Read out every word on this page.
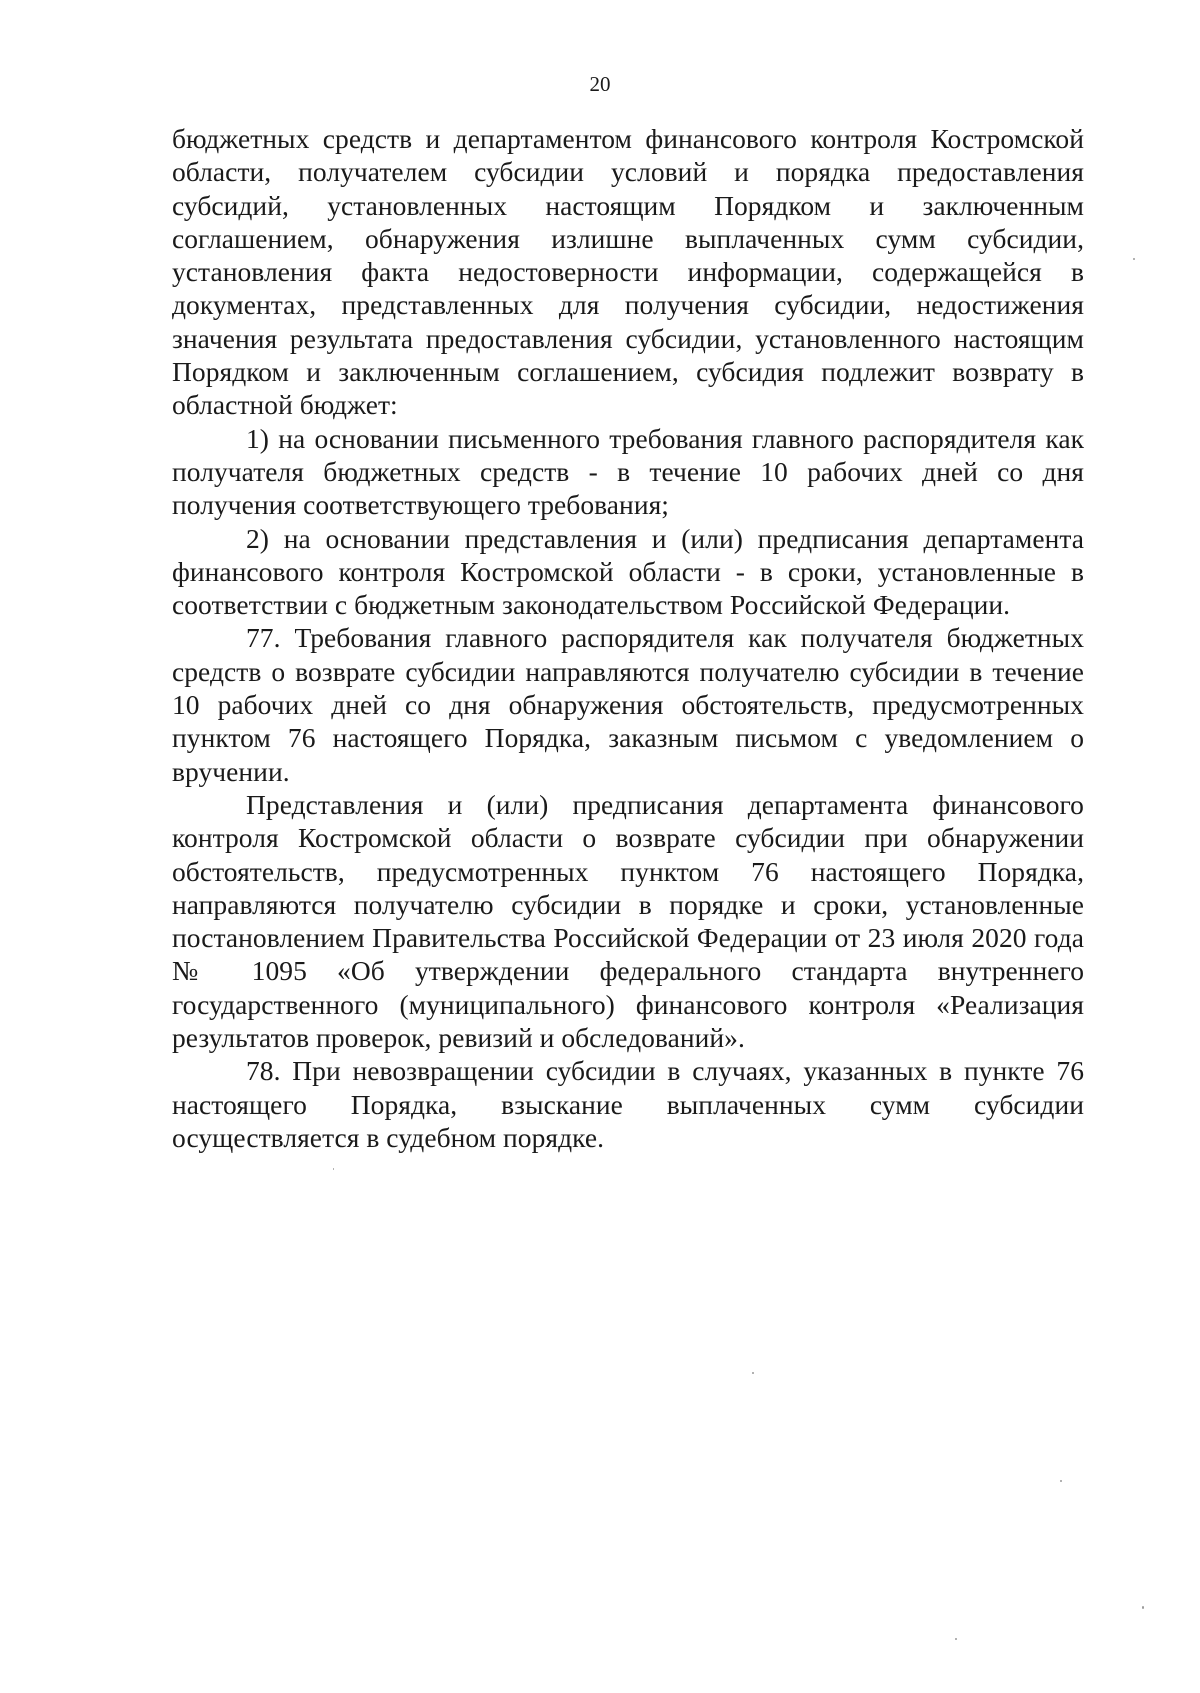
20

бюджетных средств и департаментом финансового контроля Костромской области, получателем субсидии условий и порядка предоставления субсидий, установленных настоящим Порядком и заключенным соглашением, обнаружения излишне выплаченных сумм субсидии, установления факта недостоверности информации, содержащейся в документах, представленных для получения субсидии, недостижения значения результата предоставления субсидии, установленного настоящим Порядком и заключенным соглашением, субсидия подлежит возврату в областной бюджет:

1) на основании письменного требования главного распорядителя как получателя бюджетных средств - в течение 10 рабочих дней со дня получения соответствующего требования;

2) на основании представления и (или) предписания департамента финансового контроля Костромской области - в сроки, установленные в соответствии с бюджетным законодательством Российской Федерации.

77. Требования главного распорядителя как получателя бюджетных средств о возврате субсидии направляются получателю субсидии в течение 10 рабочих дней со дня обнаружения обстоятельств, предусмотренных пунктом 76 настоящего Порядка, заказным письмом с уведомлением о вручении.

Представления и (или) предписания департамента финансового контроля Костромской области о возврате субсидии при обнаружении обстоятельств, предусмотренных пунктом 76 настоящего Порядка, направляются получателю субсидии в порядке и сроки, установленные постановлением Правительства Российской Федерации от 23 июля 2020 года № 1095 «Об утверждении федерального стандарта внутреннего государственного (муниципального) финансового контроля «Реализация результатов проверок, ревизий и обследований».

78. При невозвращении субсидии в случаях, указанных в пункте 76 настоящего Порядка, взыскание выплаченных сумм субсидии осуществляется в судебном порядке.
